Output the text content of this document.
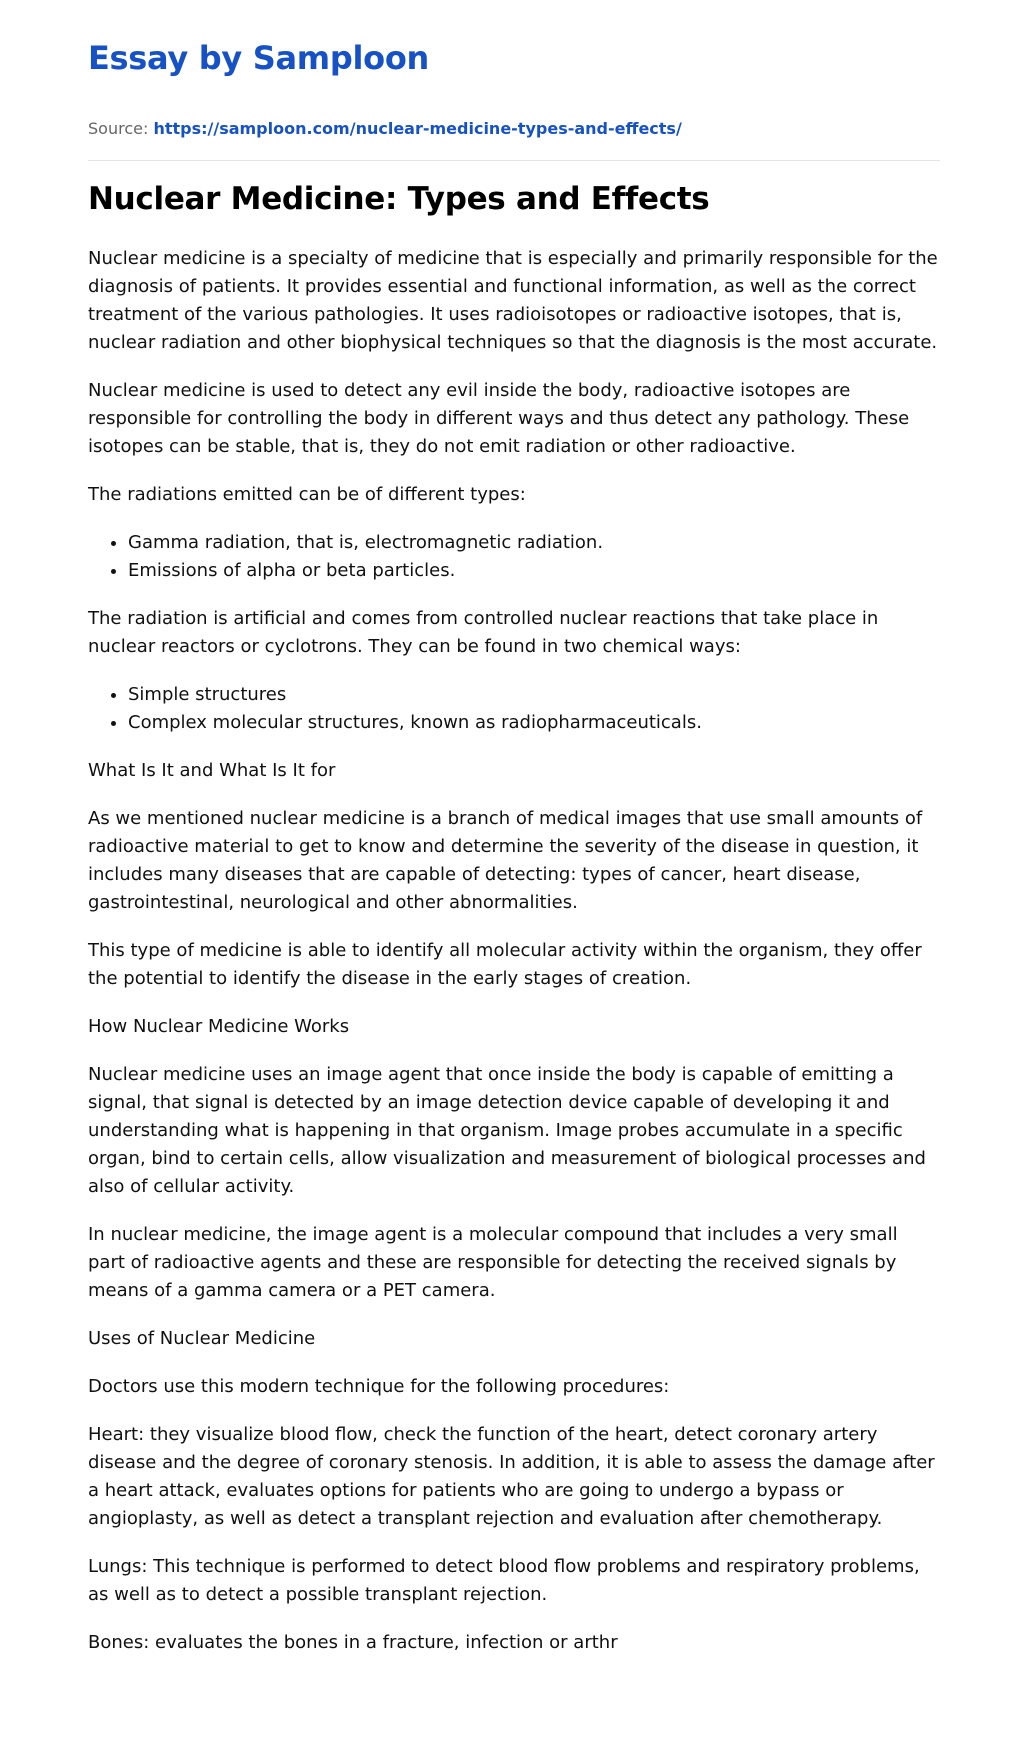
Essay by Samploon
Source: https://samploon.com/nuclear-medicine-types-and-effects/
Nuclear Medicine: Types and Effects

Nuclear medicine is a specialty of medicine that is especially and primarily responsible for the diagnosis of patients. It provides essential and functional information, as well as the correct treatment of the various pathologies. It uses radioisotopes or radioactive isotopes, that is, nuclear radiation and other biophysical techniques so that the diagnosis is the most accurate.

Nuclear medicine is used to detect any evil inside the body, radioactive isotopes are responsible for controlling the body in different ways and thus detect any pathology. These isotopes can be stable, that is, they do not emit radiation or other radioactive.

The radiations emitted can be of different types:

• Gamma radiation, that is, electromagnetic radiation.
• Emissions of alpha or beta particles.

The radiation is artificial and comes from controlled nuclear reactions that take place in nuclear reactors or cyclotrons. They can be found in two chemical ways:

• Simple structures
• Complex molecular structures, known as radiopharmaceuticals.
What Is It and What Is It for

As we mentioned nuclear medicine is a branch of medical images that use small amounts of radioactive material to get to know and determine the severity of the disease in question, it includes many diseases that are capable of detecting: types of cancer, heart disease, gastrointestinal, neurological and other abnormalities.

This type of medicine is able to identify all molecular activity within the organism, they offer the potential to identify the disease in the early stages of creation.

How Nuclear Medicine Works

Nuclear medicine uses an image agent that once inside the body is capable of emitting a signal, that signal is detected by an image detection device capable of developing it and understanding what is happening in that organism. Image probes accumulate in a specific organ, bind to certain cells, allow visualization and measurement of biological processes and also of cellular activity.

In nuclear medicine, the image agent is a molecular compound that includes a very small part of radioactive agents and these are responsible for detecting the received signals by means of a gamma camera or a PET camera.

Uses of Nuclear Medicine

Doctors use this modern technique for the following procedures:

Heart: they visualize blood flow, check the function of the heart, detect coronary artery disease and the degree of coronary stenosis. In addition, it is able to assess the damage after a heart attack, evaluates options for patients who are going to undergo a bypass or angioplasty, as well as detect a transplant rejection and evaluation after chemotherapy.

Lungs: This technique is performed to detect blood flow problems and respiratory problems, as well as to detect a possible transplant rejection.

Bones: evaluates the bones in a fracture, infection or arthr
